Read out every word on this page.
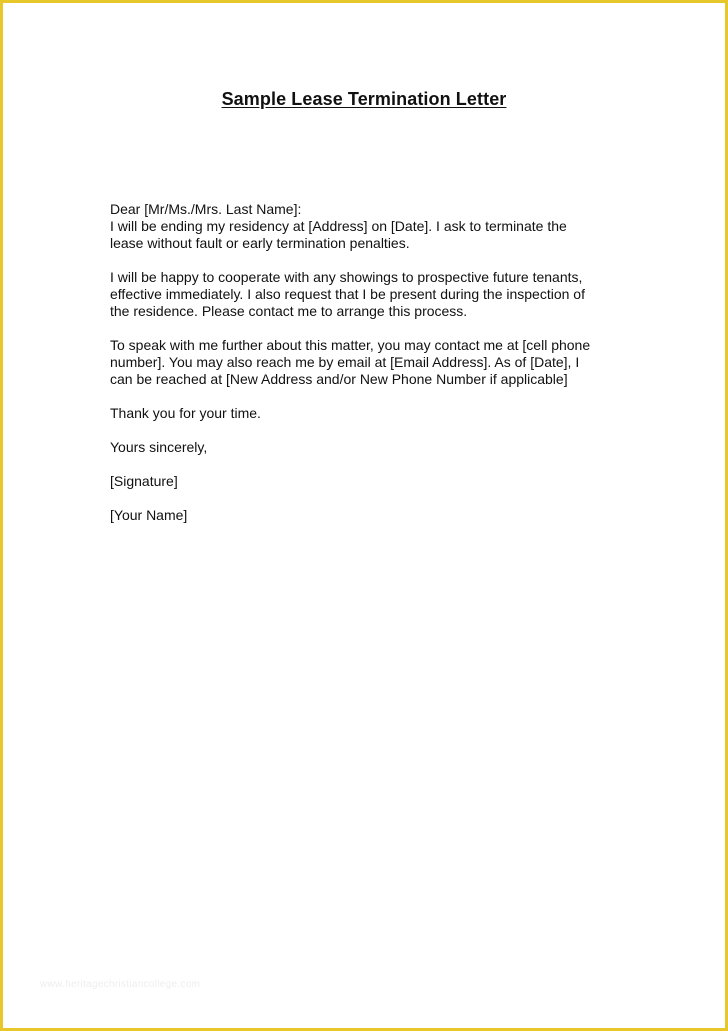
Sample Lease Termination Letter
Dear [Mr/Ms./Mrs. Last Name]:
I will be ending my residency at [Address] on [Date]. I ask to terminate the
lease without fault or early termination penalties.
I will be happy to cooperate with any showings to prospective future tenants,
effective immediately. I also request that I be present during the inspection of
the residence. Please contact me to arrange this process.
To speak with me further about this matter, you may contact me at [cell phone
number]. You may also reach me by email at [Email Address]. As of [Date], I
can be reached at [New Address and/or New Phone Number if applicable]
Thank you for your time.
Yours sincerely,
[Signature]
[Your Name]
www.heritagechristiancollege.com
